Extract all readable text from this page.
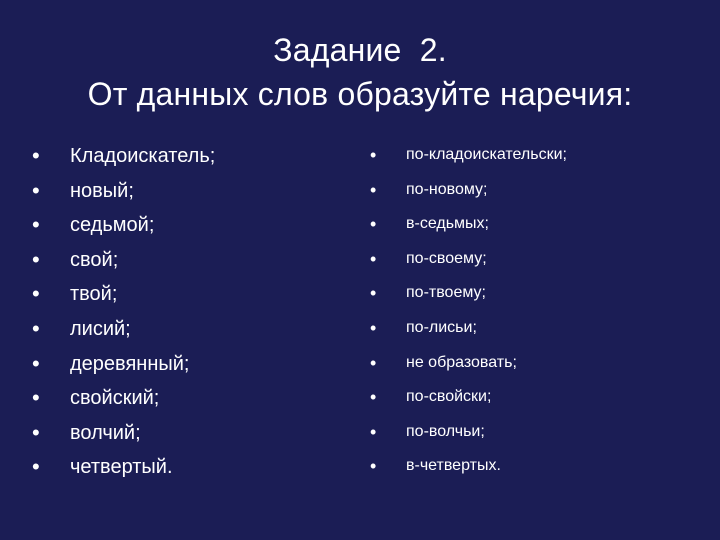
Задание  2.
От данных слов образуйте наречия:
• Кладоискатель;
• новый;
• седьмой;
• свой;
• твой;
• лисий;
• деревянный;
• свойский;
• волчий;
• четвертый.
• по-кладоискательски;
• по-новому;
• в-седьмых;
• по-своему;
• по-твоему;
• по-лисьи;
• не образовать;
• по-свойски;
• по-волчьи;
• в-четвертых.
